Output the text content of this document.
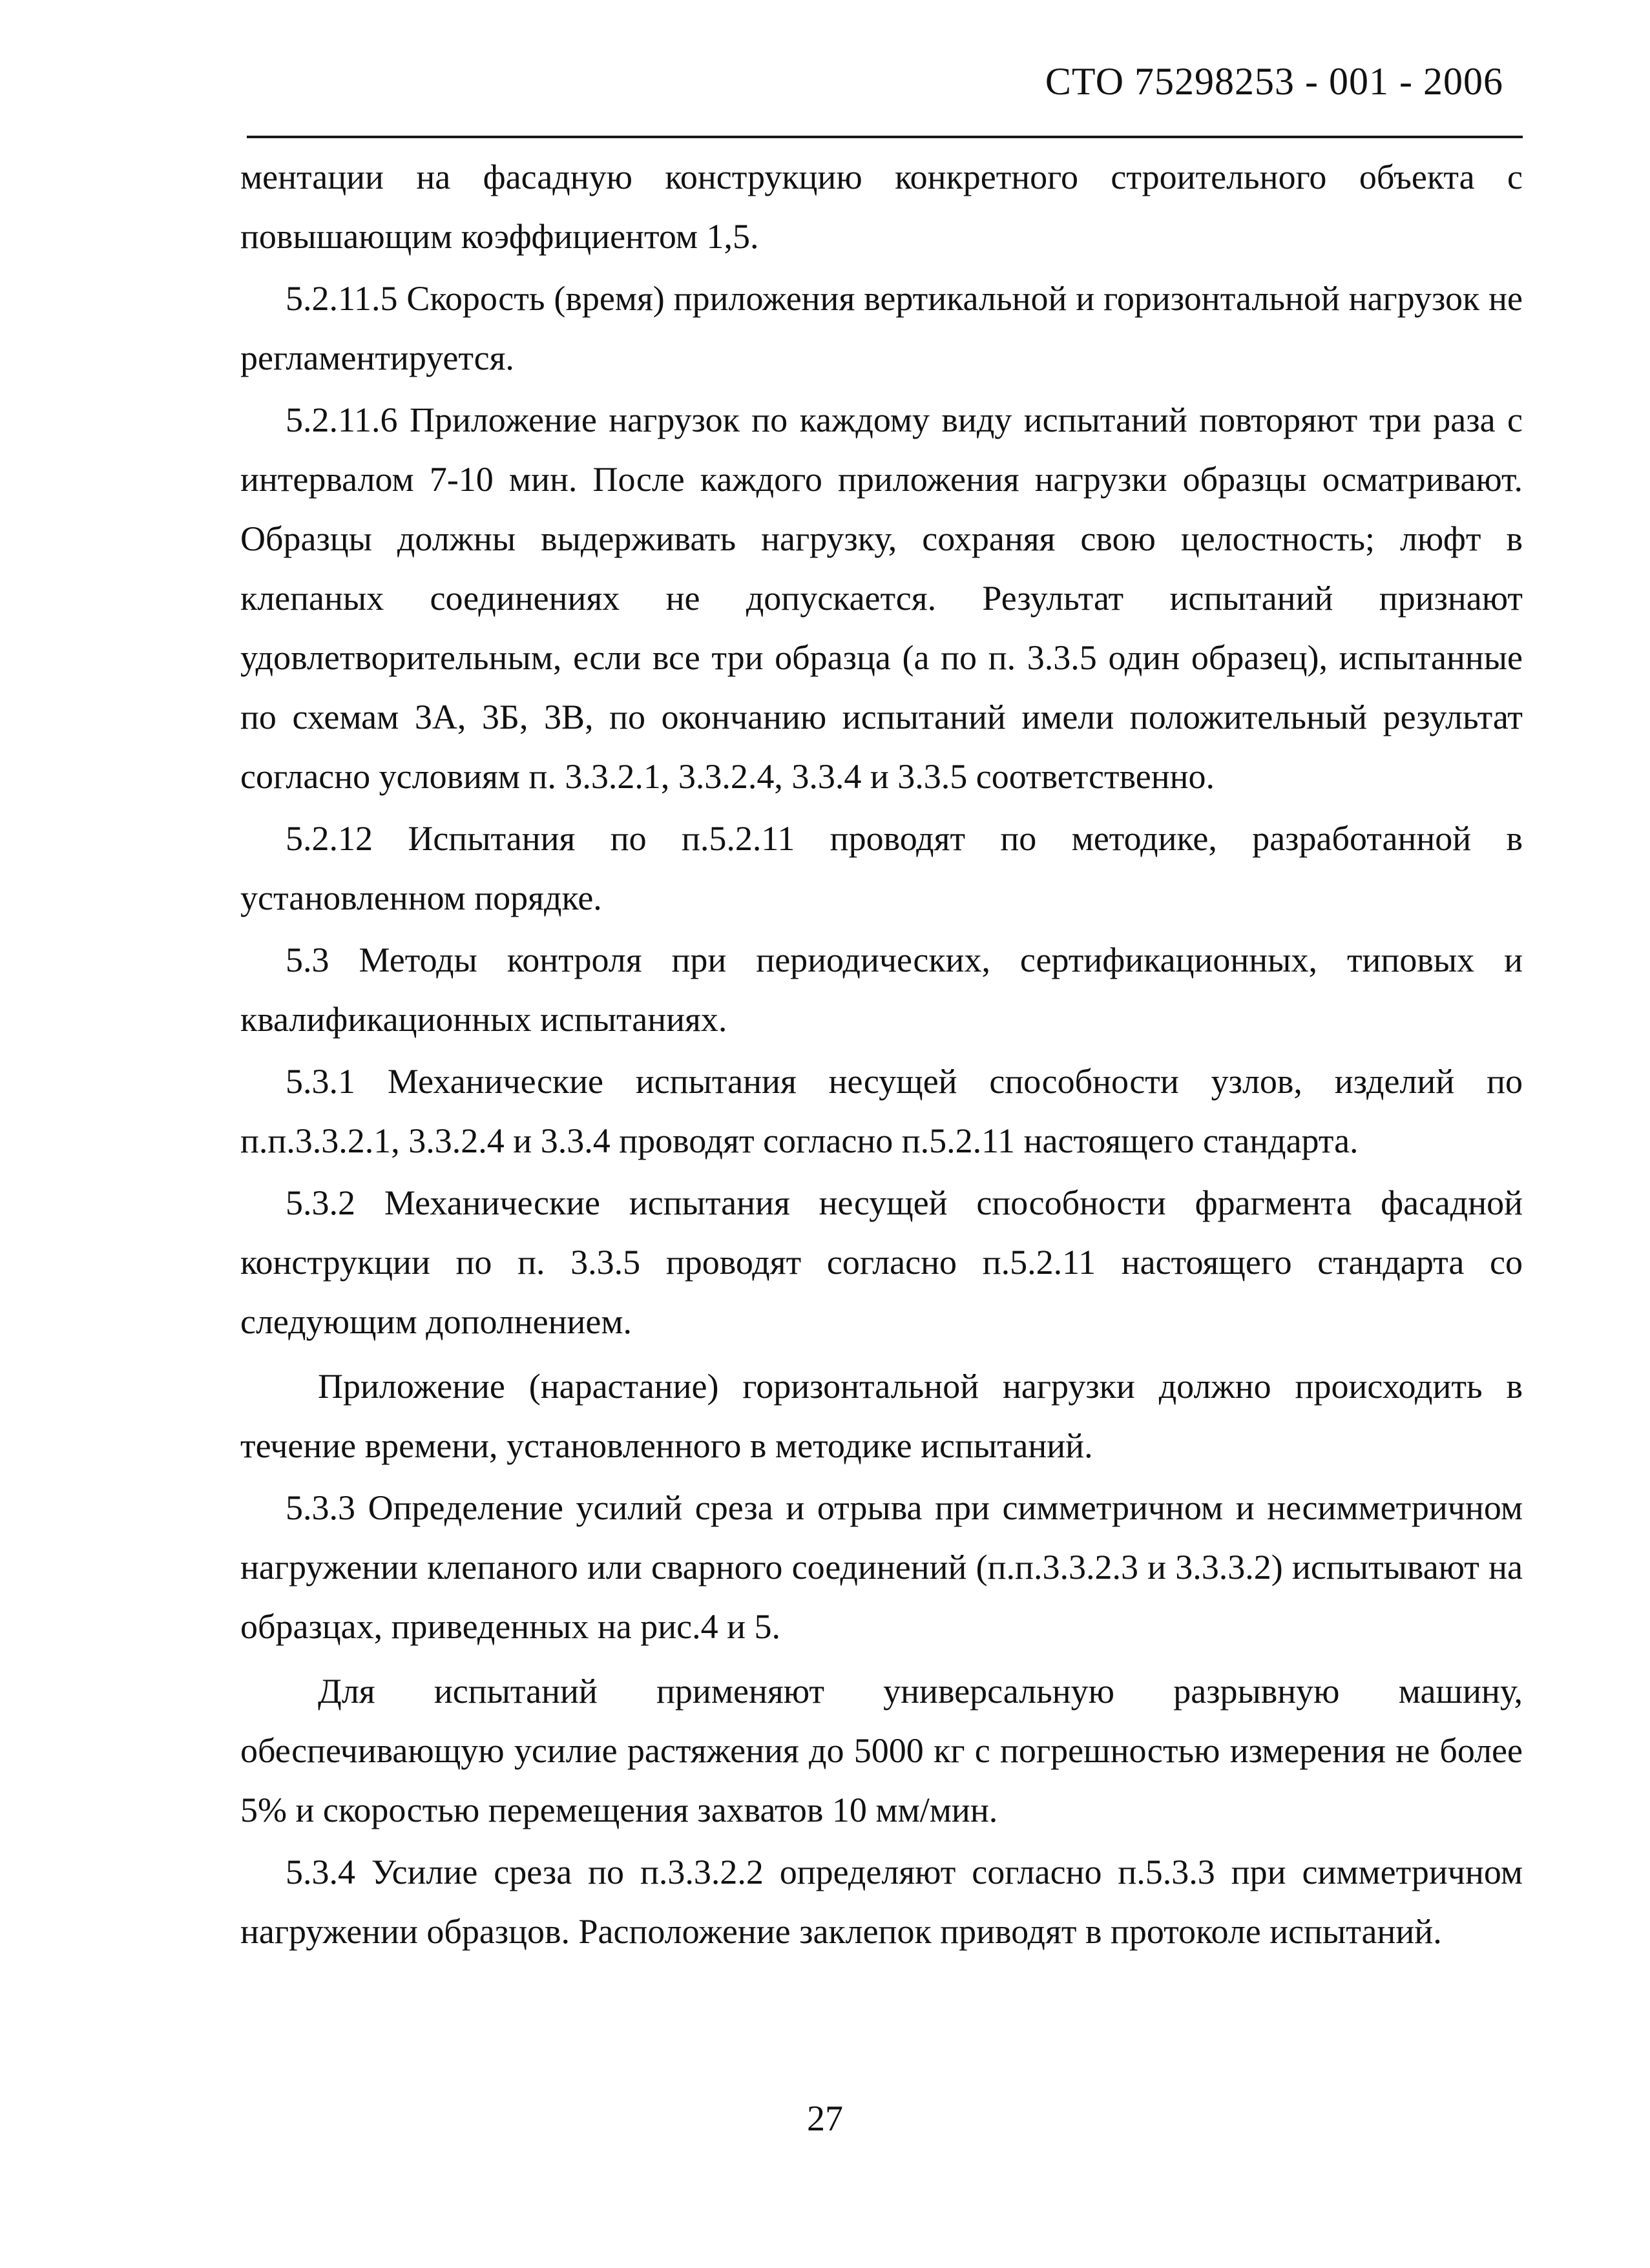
СТО 75298253 - 001 - 2006

ментации на фасадную конструкцию конкретного строительного объекта с повышающим коэффициентом 1,5.

5.2.11.5 Скорость (время) приложения вертикальной и горизонтальной нагрузок не регламентируется.

5.2.11.6 Приложение нагрузок по каждому виду испытаний повторяют три раза с интервалом 7-10 мин. После каждого приложения нагрузки образцы осматривают. Образцы должны выдерживать нагрузку, сохраняя свою целостность; люфт в клепаных соединениях не допускается. Результат испытаний признают удовлетворительным, если все три образца (а по п. 3.3.5 один образец), испытанные по схемам 3А, 3Б, 3В, по окончанию испытаний имели положительный результат согласно условиям п. 3.3.2.1, 3.3.2.4, 3.3.4 и 3.3.5 соответственно.

5.2.12 Испытания по п.5.2.11 проводят по методике, разработанной в установленном порядке.

5.3 Методы контроля при периодических, сертификационных, типовых и квалификационных испытаниях.

5.3.1 Механические испытания несущей способности узлов, изделий по п.п.3.3.2.1, 3.3.2.4 и 3.3.4 проводят согласно п.5.2.11 настоящего стандарта.

5.3.2 Механические испытания несущей способности фрагмента фасадной конструкции по п. 3.3.5 проводят согласно п.5.2.11 настоящего стандарта со следующим дополнением.

Приложение (нарастание) горизонтальной нагрузки должно происходить в течение времени, установленного в методике испытаний.

5.3.3 Определение усилий среза и отрыва при симметричном и несимметричном нагружении клепаного или сварного соединений (п.п.3.3.2.3 и 3.3.3.2) испытывают на образцах, приведенных на рис.4 и 5.

Для испытаний применяют универсальную разрывную машину, обеспечивающую усилие растяжения до 5000 кг с погрешностью измерения не более 5% и скоростью перемещения захватов 10 мм/мин.

5.3.4 Усилие среза по п.3.3.2.2 определяют согласно п.5.3.3 при симметричном нагружении образцов. Расположение заклепок приводят в протоколе испытаний.

27
